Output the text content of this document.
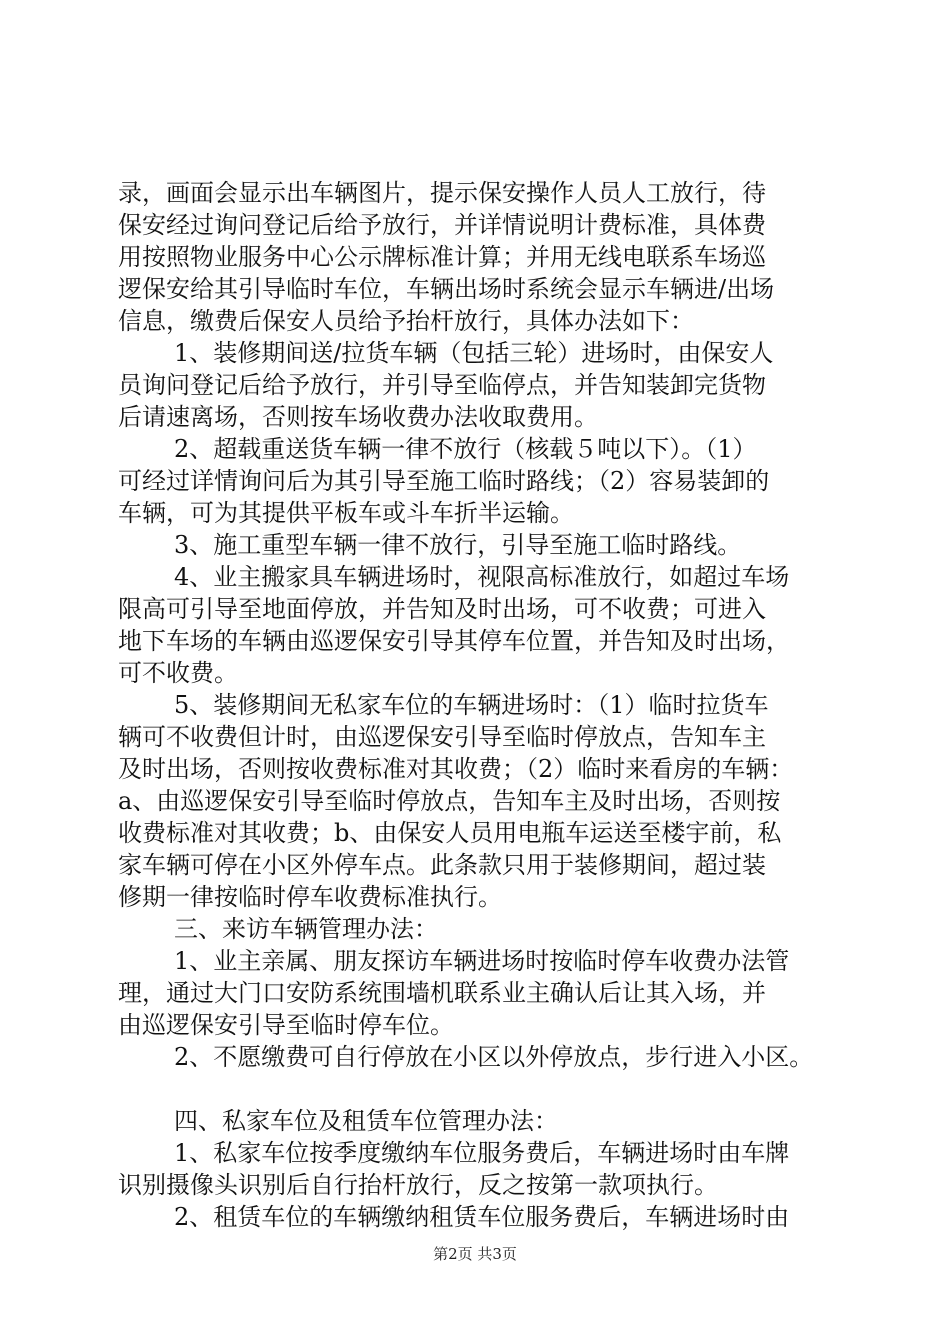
录，画面会显示出车辆图片，提示保安操作人员人工放行，待
保安经过询问登记后给予放行，并详情说明计费标准，具体费
用按照物业服务中心公示牌标准计算；并用无线电联系车场巡
逻保安给其引导临时车位，车辆出场时系统会显示车辆进/出场
信息，缴费后保安人员给予抬杆放行，具体办法如下：
1、装修期间送/拉货车辆（包括三轮）进场时，由保安人
员询问登记后给予放行，并引导至临停点，并告知装卸完货物
后请速离场，否则按车场收费办法收取费用。
2、超载重送货车辆一律不放行（核载５吨以下）。（1）
可经过详情询问后为其引导至施工临时路线；（2）容易装卸的
车辆，可为其提供平板车或斗车折半运输。
3、施工重型车辆一律不放行，引导至施工临时路线。
4、业主搬家具车辆进场时，视限高标准放行，如超过车场
限高可引导至地面停放，并告知及时出场，可不收费；可进入
地下车场的车辆由巡逻保安引导其停车位置，并告知及时出场，
可不收费。
5、装修期间无私家车位的车辆进场时：（1）临时拉货车
辆可不收费但计时，由巡逻保安引导至临时停放点，告知车主
及时出场，否则按收费标准对其收费；（2）临时来看房的车辆：
a、由巡逻保安引导至临时停放点，告知车主及时出场，否则按
收费标准对其收费；b、由保安人员用电瓶车运送至楼宇前，私
家车辆可停在小区外停车点。此条款只用于装修期间，超过装
修期一律按临时停车收费标准执行。
三、来访车辆管理办法：
1、业主亲属、朋友探访车辆进场时按临时停车收费办法管
理，通过大门口安防系统围墙机联系业主确认后让其入场，并
由巡逻保安引导至临时停车位。
2、不愿缴费可自行停放在小区以外停放点，步行进入小区。
四、私家车位及租赁车位管理办法：
1、私家车位按季度缴纳车位服务费后，车辆进场时由车牌
识别摄像头识别后自行抬杆放行，反之按第一款项执行。
2、租赁车位的车辆缴纳租赁车位服务费后，车辆进场时由
第2页 共3页
